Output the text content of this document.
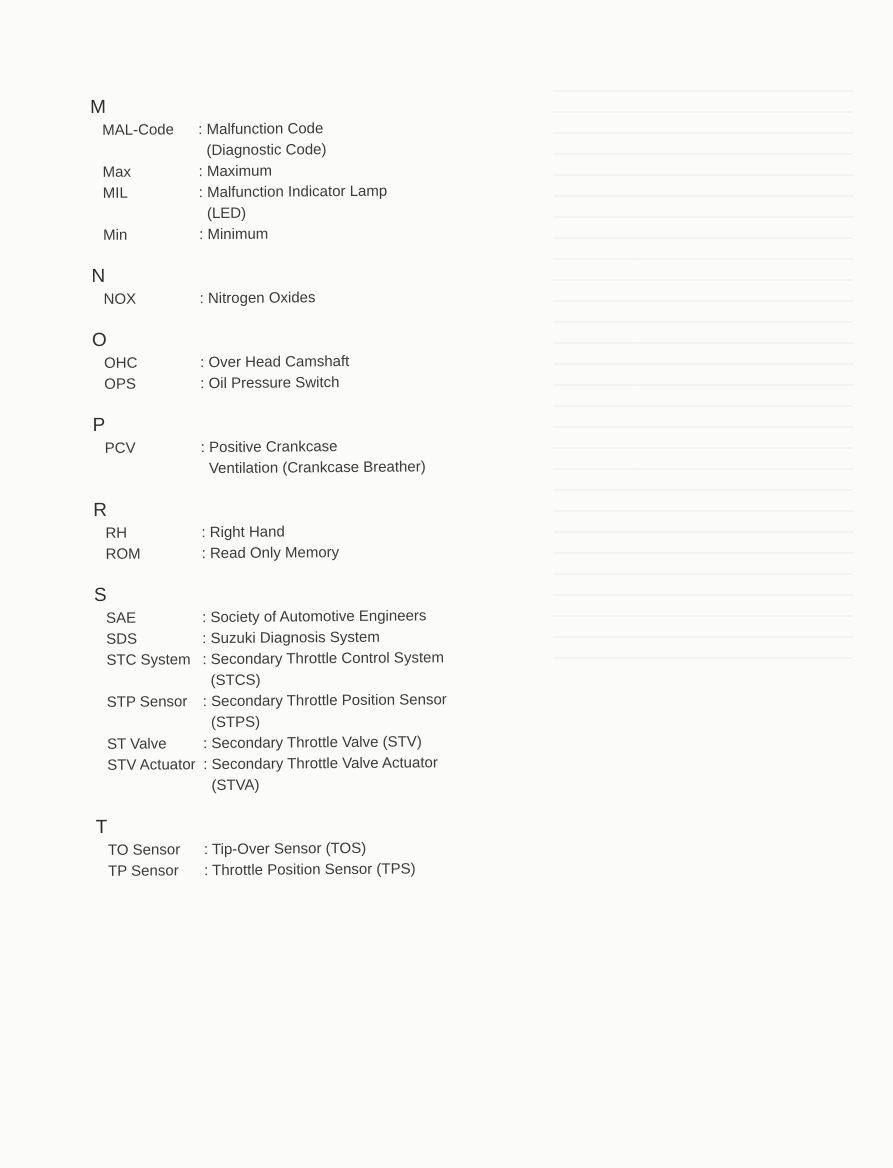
M
MAL-Code	: Malfunction Code
(Diagnostic Code)
Max	: Maximum
MIL	: Malfunction Indicator Lamp
(LED)
Min	: Minimum
N
NOX	: Nitrogen Oxides
O
OHC	: Over Head Camshaft
OPS	: Oil Pressure Switch
P
PCV	: Positive Crankcase
Ventilation (Crankcase Breather)
R
RH	: Right Hand
ROM	: Read Only Memory
S
SAE	: Society of Automotive Engineers
SDS	: Suzuki Diagnosis System
STC System : Secondary Throttle Control System
(STCS)
STP Sensor	: Secondary Throttle Position Sensor
(STPS)
ST Valve	: Secondary Throttle Valve (STV)
STV Actuator : Secondary Throttle Valve Actuator
(STVA)
T
TO Sensor	: Tip-Over Sensor (TOS)
TP Sensor	: Throttle Position Sensor (TPS)
